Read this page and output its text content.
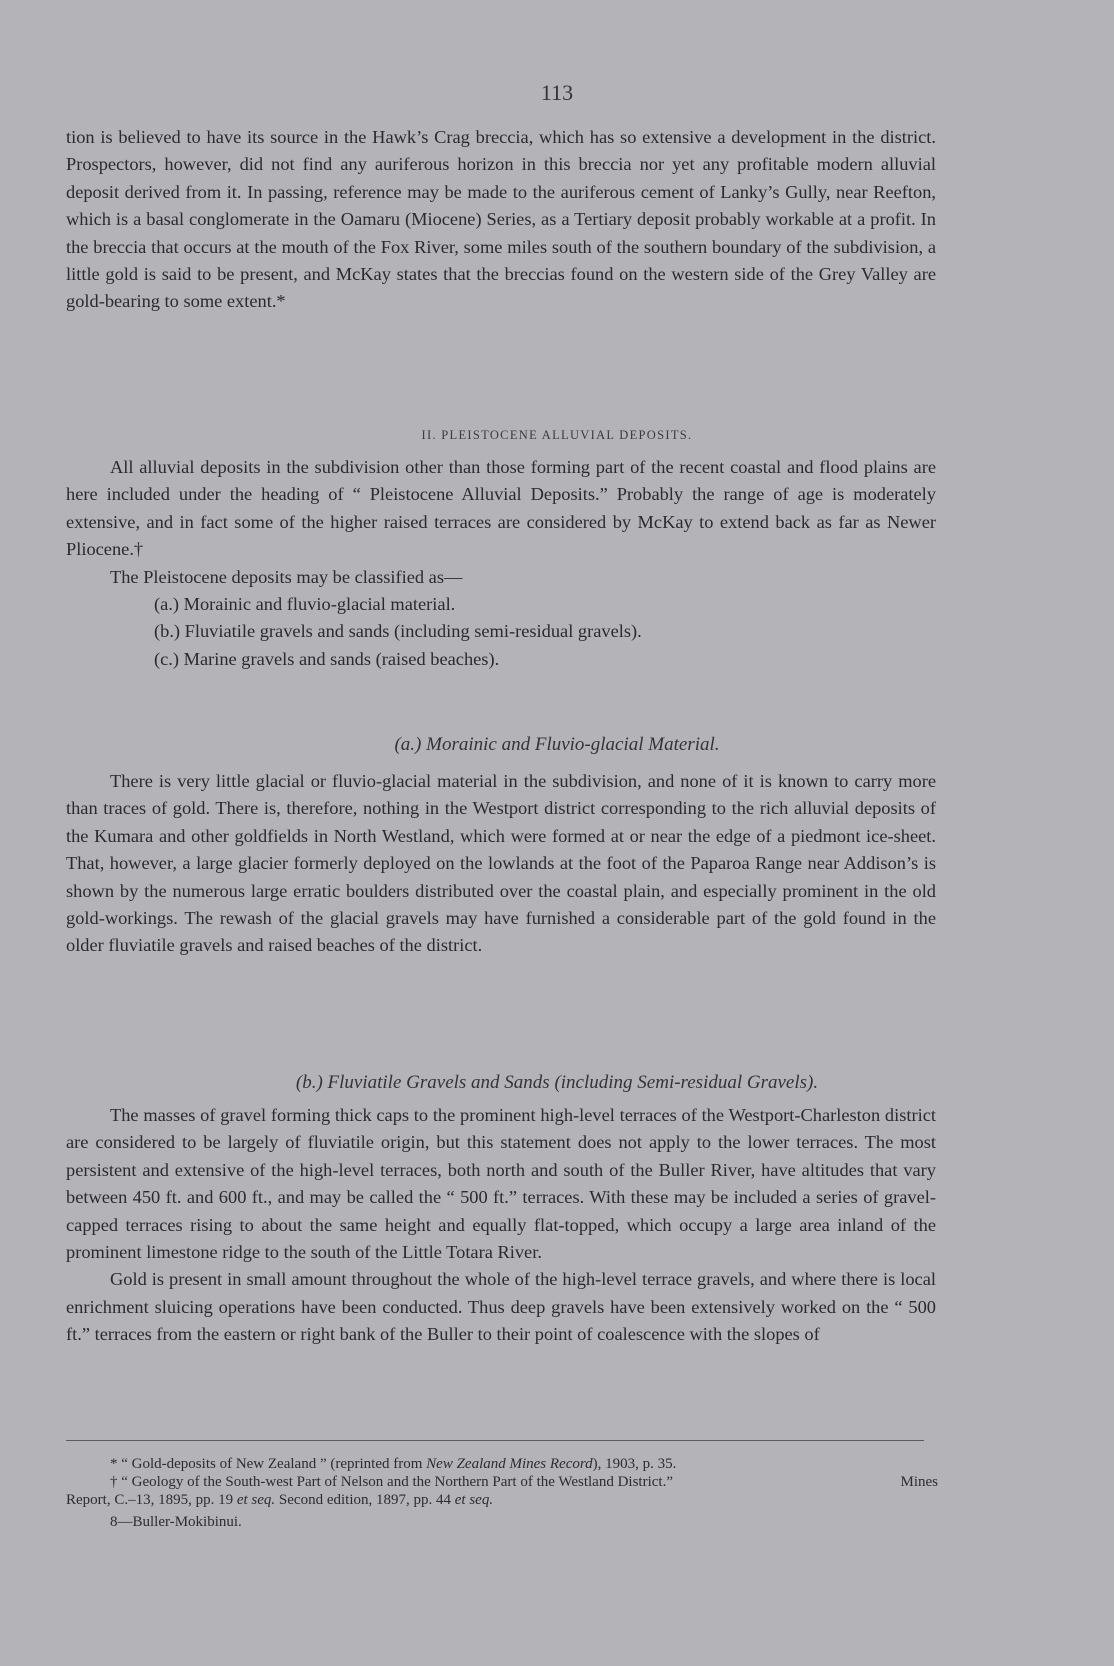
113

tion is believed to have its source in the Hawk’s Crag breccia, which has so extensive a development in the district. Prospectors, however, did not find any auriferous horizon in this breccia nor yet any profitable modern alluvial deposit derived from it. In passing, reference may be made to the auriferous cement of Lanky’s Gully, near Reefton, which is a basal conglomerate in the Oamaru (Miocene) Series, as a Tertiary deposit probably workable at a profit. In the breccia that occurs at the mouth of the Fox River, some miles south of the southern boundary of the subdivision, a little gold is said to be present, and McKay states that the breccias found on the western side of the Grey Valley are gold-bearing to some extent.*

II. PLEISTOCENE ALLUVIAL DEPOSITS.

All alluvial deposits in the subdivision other than those forming part of the recent coastal and flood plains are here included under the heading of “ Pleistocene Alluvial Deposits.” Probably the range of age is moderately extensive, and in fact some of the higher raised terraces are considered by McKay to extend back as far as Newer Pliocene.†

The Pleistocene deposits may be classified as—
(a.) Morainic and fluvio-glacial material.
(b.) Fluviatile gravels and sands (including semi-residual gravels).
(c.) Marine gravels and sands (raised beaches).
(a.) Morainic and Fluvio-glacial Material.

There is very little glacial or fluvio-glacial material in the subdivision, and none of it is known to carry more than traces of gold. There is, therefore, nothing in the Westport district corresponding to the rich alluvial deposits of the Kumara and other goldfields in North Westland, which were formed at or near the edge of a piedmont ice-sheet. That, however, a large glacier formerly deployed on the lowlands at the foot of the Paparoa Range near Addison’s is shown by the numerous large erratic boulders distributed over the coastal plain, and especially prominent in the old gold-workings. The rewash of the glacial gravels may have furnished a considerable part of the gold found in the older fluviatile gravels and raised beaches of the district.

(b.) Fluviatile Gravels and Sands (including Semi-residual Gravels).

The masses of gravel forming thick caps to the prominent high-level terraces of the Westport-Charleston district are considered to be largely of fluviatile origin, but this statement does not apply to the lower terraces. The most persistent and extensive of the high-level terraces, both north and south of the Buller River, have altitudes that vary between 450 ft. and 600 ft., and may be called the “ 500 ft.” terraces. With these may be included a series of gravel-capped terraces rising to about the same height and equally flat-topped, which occupy a large area inland of the prominent limestone ridge to the south of the Little Totara River.

Gold is present in small amount throughout the whole of the high-level terrace gravels, and where there is local enrichment sluicing operations have been conducted. Thus deep gravels have been extensively worked on the “ 500 ft.” terraces from the eastern or right bank of the Buller to their point of coalescence with the slopes of

* “ Gold-deposits of New Zealand ” (reprinted from New Zealand Mines Record), 1903, p. 35.

† “ Geology of the South-west Part of Nelson and the Northern Part of the Westland District.”	Mines

Report, C.–13, 1895, pp. 19 et seq. Second edition, 1897, pp. 44 et seq.

8—Buller-Mokibinui.
